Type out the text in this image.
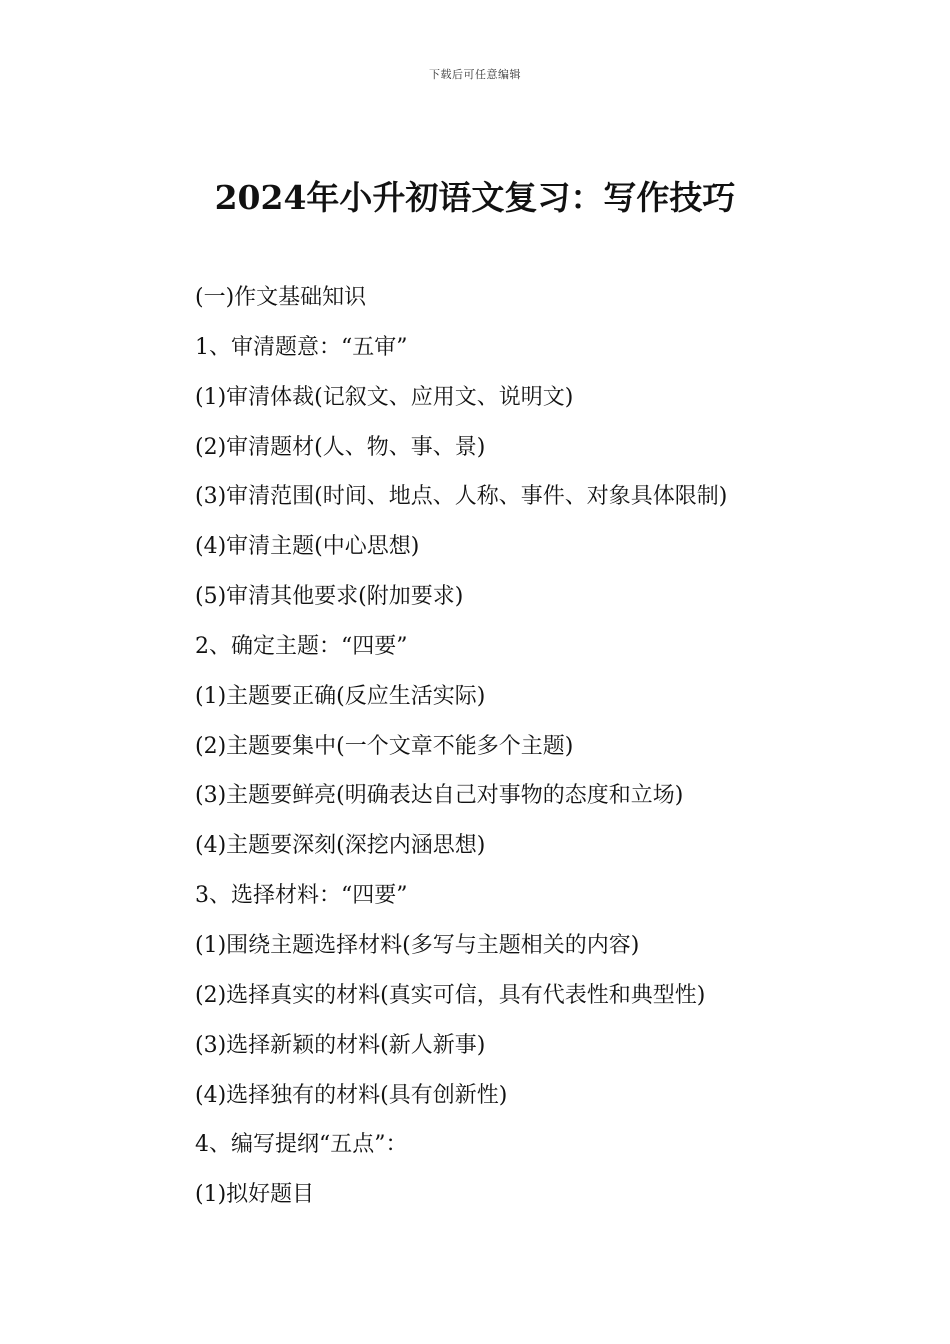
下载后可任意编辑
2024年小升初语文复习：写作技巧
(一)作文基础知识
1、审清题意：“五审”
(1)审清体裁(记叙文、应用文、说明文)
(2)审清题材(人、物、事、景)
(3)审清范围(时间、地点、人称、事件、对象具体限制)
(4)审清主题(中心思想)
(5)审清其他要求(附加要求)
2、确定主题：“四要”
(1)主题要正确(反应生活实际)
(2)主题要集中(一个文章不能多个主题)
(3)主题要鲜亮(明确表达自己对事物的态度和立场)
(4)主题要深刻(深挖内涵思想)
3、选择材料：“四要”
(1)围绕主题选择材料(多写与主题相关的内容)
(2)选择真实的材料(真实可信，具有代表性和典型性)
(3)选择新颖的材料(新人新事)
(4)选择独有的材料(具有创新性)
4、编写提纲“五点”：
(1)拟好题目
